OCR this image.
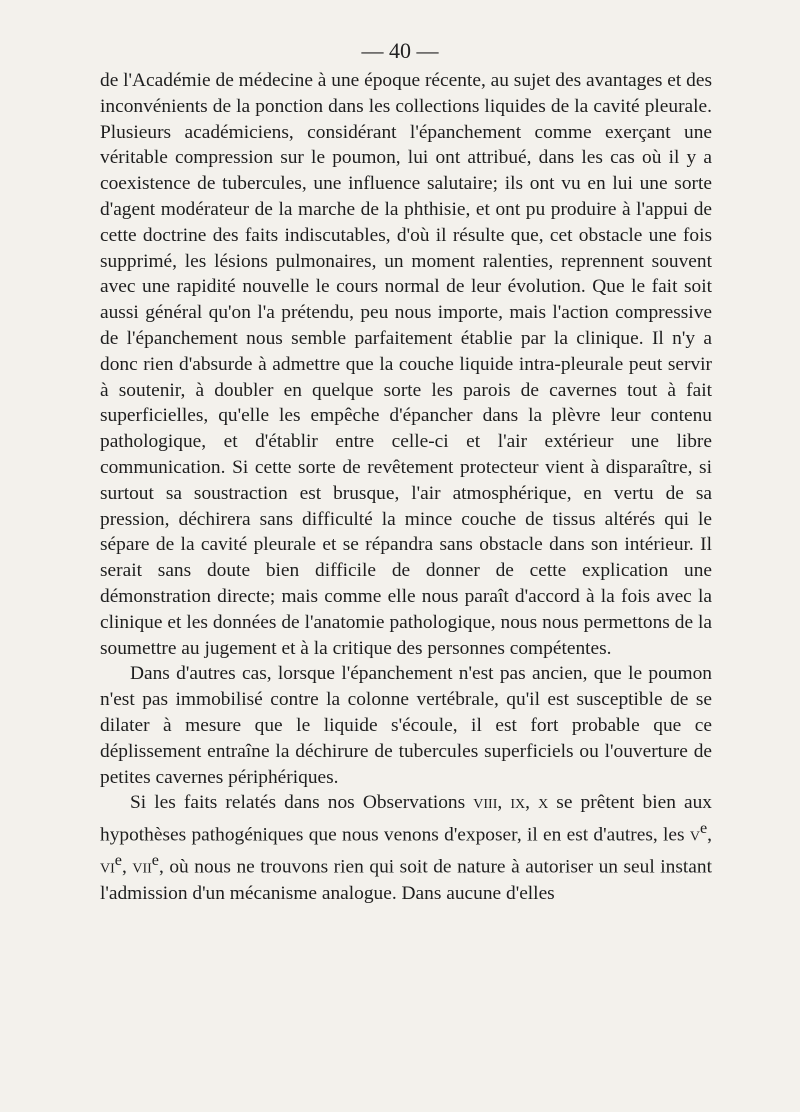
— 40 —

de l'Académie de médecine à une époque récente, au sujet des avantages et des inconvénients de la ponction dans les collections liquides de la cavité pleurale. Plusieurs académiciens, considérant l'épanchement comme exerçant une véritable compression sur le poumon, lui ont attribué, dans les cas où il y a coexistence de tubercules, une influence salutaire; ils ont vu en lui une sorte d'agent modérateur de la marche de la phthisie, et ont pu produire à l'appui de cette doctrine des faits indiscutables, d'où il résulte que, cet obstacle une fois supprimé, les lésions pulmonaires, un moment ralenties, reprennent souvent avec une rapidité nouvelle le cours normal de leur évolution. Que le fait soit aussi général qu'on l'a prétendu, peu nous importe, mais l'action compressive de l'épanchement nous semble parfaitement établie par la clinique. Il n'y a donc rien d'absurde à admettre que la couche liquide intra-pleurale peut servir à soutenir, à doubler en quelque sorte les parois de cavernes tout à fait superficielles, qu'elle les empêche d'épancher dans la plèvre leur contenu pathologique, et d'établir entre celle-ci et l'air extérieur une libre communication. Si cette sorte de revêtement protecteur vient à disparaître, si surtout sa soustraction est brusque, l'air atmosphérique, en vertu de sa pression, déchirera sans difficulté la mince couche de tissus altérés qui le sépare de la cavité pleurale et se répandra sans obstacle dans son intérieur. Il serait sans doute bien difficile de donner de cette explication une démonstration directe; mais comme elle nous paraît d'accord à la fois avec la clinique et les données de l'anatomie pathologique, nous nous permettons de la soumettre au jugement et à la critique des personnes compétentes.

Dans d'autres cas, lorsque l'épanchement n'est pas ancien, que le poumon n'est pas immobilisé contre la colonne vertébrale, qu'il est susceptible de se dilater à mesure que le liquide s'écoule, il est fort probable que ce déplissement entraîne la déchirure de tubercules superficiels ou l'ouverture de petites cavernes périphériques.

Si les faits relatés dans nos Observations viii, ix, x se prêtent bien aux hypothèses pathogéniques que nous venons d'exposer, il en est d'autres, les $v^e$, $vi^e$, vii$^e$, où nous ne trouvons rien qui soit de nature à autoriser un seul instant l'admission d'un mécanisme analogue. Dans aucune d'elles
